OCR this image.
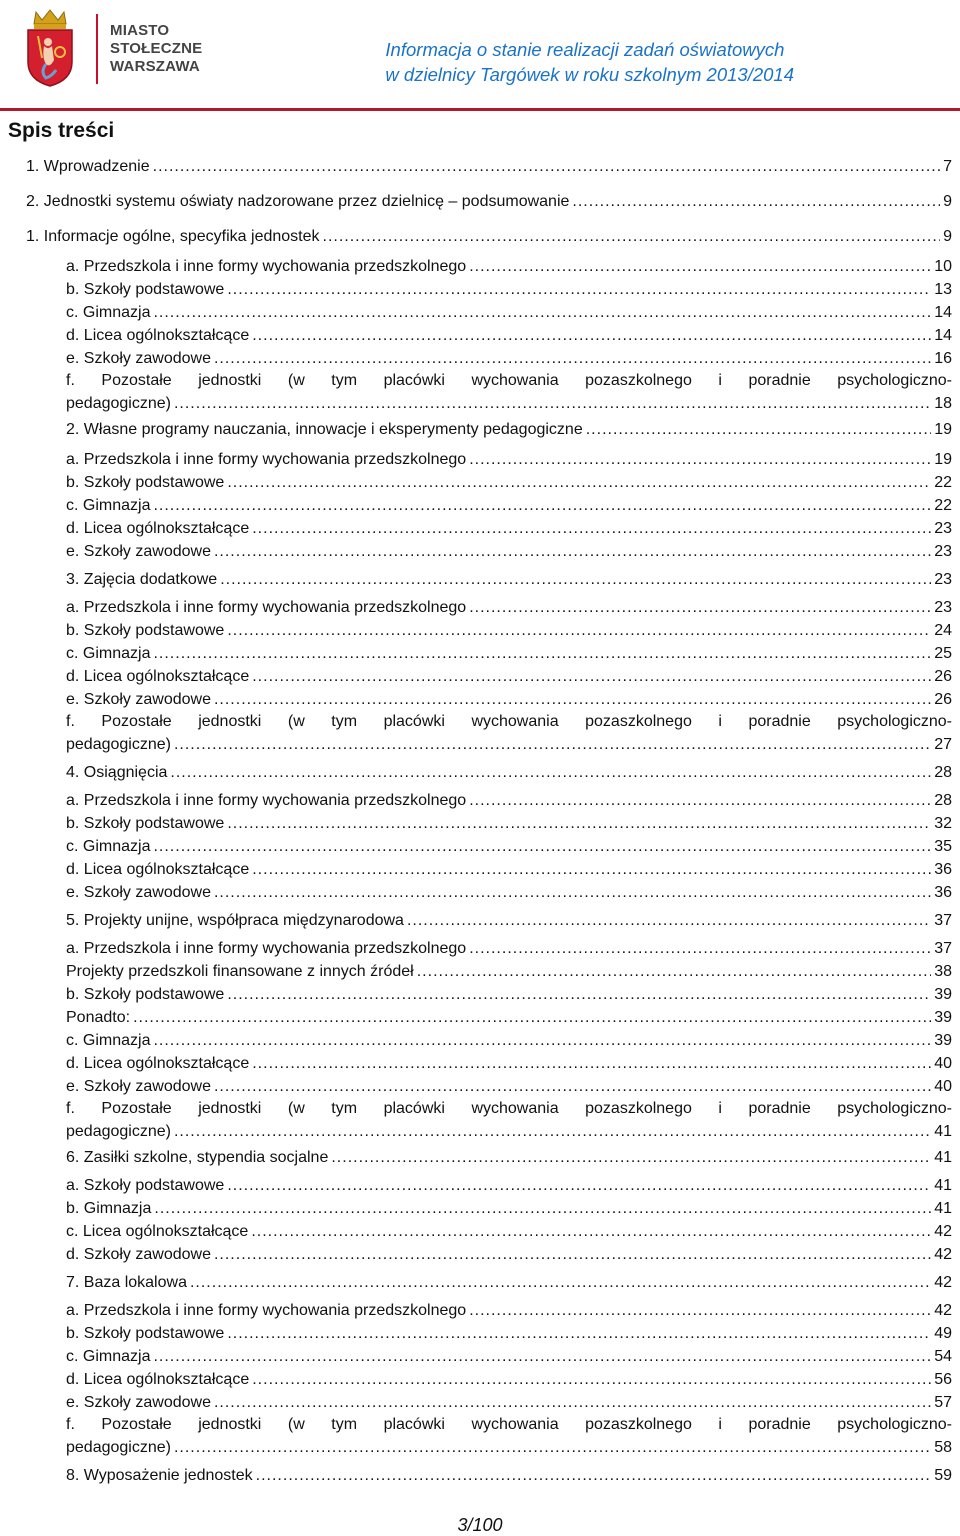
MIASTO
STOŁECZNE
WARSZAWA
Informacja o stanie realizacji zadań oświatowych
w dzielnicy Targówek w roku szkolnym 2013/2014
Spis treści
1. Wprowadzenie .....	7
2. Jednostki systemu oświaty nadzorowane przez dzielnicę – podsumowanie .....	9
1. Informacje ogólne, specyfika jednostek .....	9
a. Przedszkola i inne formy wychowania przedszkolnego .....	10
b. Szkoły podstawowe .....	13
c. Gimnazja .....	14
d. Licea ogólnokształcące .....	14
e. Szkoły zawodowe .....	16
f. Pozostałe jednostki (w tym placówki wychowania pozaszkolnego i poradnie psychologiczno-
pedagogiczne) .....	18
2. Własne programy nauczania, innowacje i eksperymenty pedagogiczne .....	19
a. Przedszkola i inne formy wychowania przedszkolnego .....	19
b. Szkoły podstawowe .....	22
c. Gimnazja .....	22
d. Licea ogólnokształcące .....	23
e. Szkoły zawodowe .....	23
3. Zajęcia dodatkowe .....	23
a. Przedszkola i inne formy wychowania przedszkolnego .....	23
b. Szkoły podstawowe .....	24
c. Gimnazja .....	25
d. Licea ogólnokształcące .....	26
e. Szkoły zawodowe .....	26
f. Pozostałe jednostki (w tym placówki wychowania pozaszkolnego i poradnie psychologiczno-
pedagogiczne) .....	27
4. Osiągnięcia .....	28
a. Przedszkola i inne formy wychowania przedszkolnego .....	28
b. Szkoły podstawowe .....	32
c. Gimnazja .....	35
d. Licea ogólnokształcące .....	36
e. Szkoły zawodowe .....	36
5. Projekty unijne, współpraca międzynarodowa .....	37
a. Przedszkola i inne formy wychowania przedszkolnego .....	37
Projekty przedszkoli finansowane z innych źródeł .....	38
b. Szkoły podstawowe .....	39
Ponadto: .....	39
c. Gimnazja .....	39
d. Licea ogólnokształcące .....	40
e. Szkoły zawodowe .....	40
f. Pozostałe jednostki (w tym placówki wychowania pozaszkolnego i poradnie psychologiczno-
pedagogiczne) .....	41
6. Zasiłki szkolne, stypendia socjalne .....	41
a. Szkoły podstawowe .....	41
b. Gimnazja .....	41
c. Licea ogólnokształcące .....	42
d. Szkoły zawodowe .....	42
7. Baza lokalowa .....	42
a. Przedszkola i inne formy wychowania przedszkolnego .....	42
b. Szkoły podstawowe .....	49
c. Gimnazja .....	54
d. Licea ogólnokształcące .....	56
e. Szkoły zawodowe .....	57
f. Pozostałe jednostki (w tym placówki wychowania pozaszkolnego i poradnie psychologiczno-
pedagogiczne) .....	58
8. Wyposażenie jednostek .....	59
3/100
